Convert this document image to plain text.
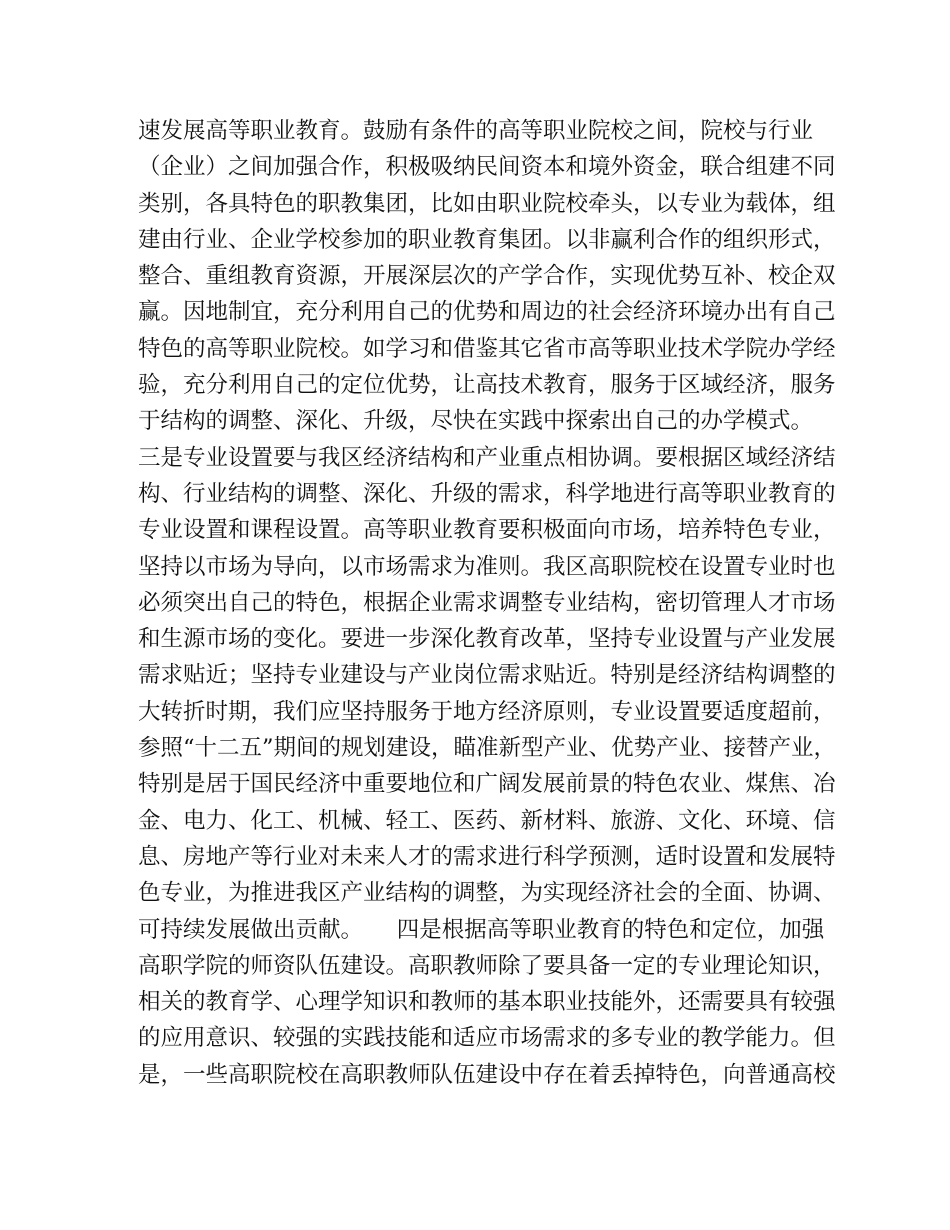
速发展高等职业教育。鼓励有条件的高等职业院校之间，院校与行业
（企业）之间加强合作，积极吸纳民间资本和境外资金，联合组建不同
类别，各具特色的职教集团，比如由职业院校牵头，以专业为载体，组
建由行业、企业学校参加的职业教育集团。以非赢利合作的组织形式，
整合、重组教育资源，开展深层次的产学合作，实现优势互补、校企双
赢。因地制宜，充分利用自己的优势和周边的社会经济环境办出有自己
特色的高等职业院校。如学习和借鉴其它省市高等职业技术学院办学经
验，充分利用自己的定位优势，让高技术教育，服务于区域经济，服务
于结构的调整、深化、升级，尽快在实践中探索出自己的办学模式。
三是专业设置要与我区经济结构和产业重点相协调。要根据区域经济结
构、行业结构的调整、深化、升级的需求，科学地进行高等职业教育的
专业设置和课程设置。高等职业教育要积极面向市场，培养特色专业，
坚持以市场为导向，以市场需求为准则。我区高职院校在设置专业时也
必须突出自己的特色，根据企业需求调整专业结构，密切管理人才市场
和生源市场的变化。要进一步深化教育改革，坚持专业设置与产业发展
需求贴近；坚持专业建设与产业岗位需求贴近。特别是经济结构调整的
大转折时期，我们应坚持服务于地方经济原则，专业设置要适度超前，
参照“十二五”期间的规划建设，瞄准新型产业、优势产业、接替产业，
特别是居于国民经济中重要地位和广阔发展前景的特色农业、煤焦、冶
金、电力、化工、机械、轻工、医药、新材料、旅游、文化、环境、信
息、房地产等行业对未来人才的需求进行科学预测，适时设置和发展特
色专业，为推进我区产业结构的调整，为实现经济社会的全面、协调、
可持续发展做出贡献。　　四是根据高等职业教育的特色和定位，加强
高职学院的师资队伍建设。高职教师除了要具备一定的专业理论知识，
相关的教育学、心理学知识和教师的基本职业技能外，还需要具有较强
的应用意识、较强的实践技能和适应市场需求的多专业的教学能力。但
是，一些高职院校在高职教师队伍建设中存在着丢掉特色，向普通高校
